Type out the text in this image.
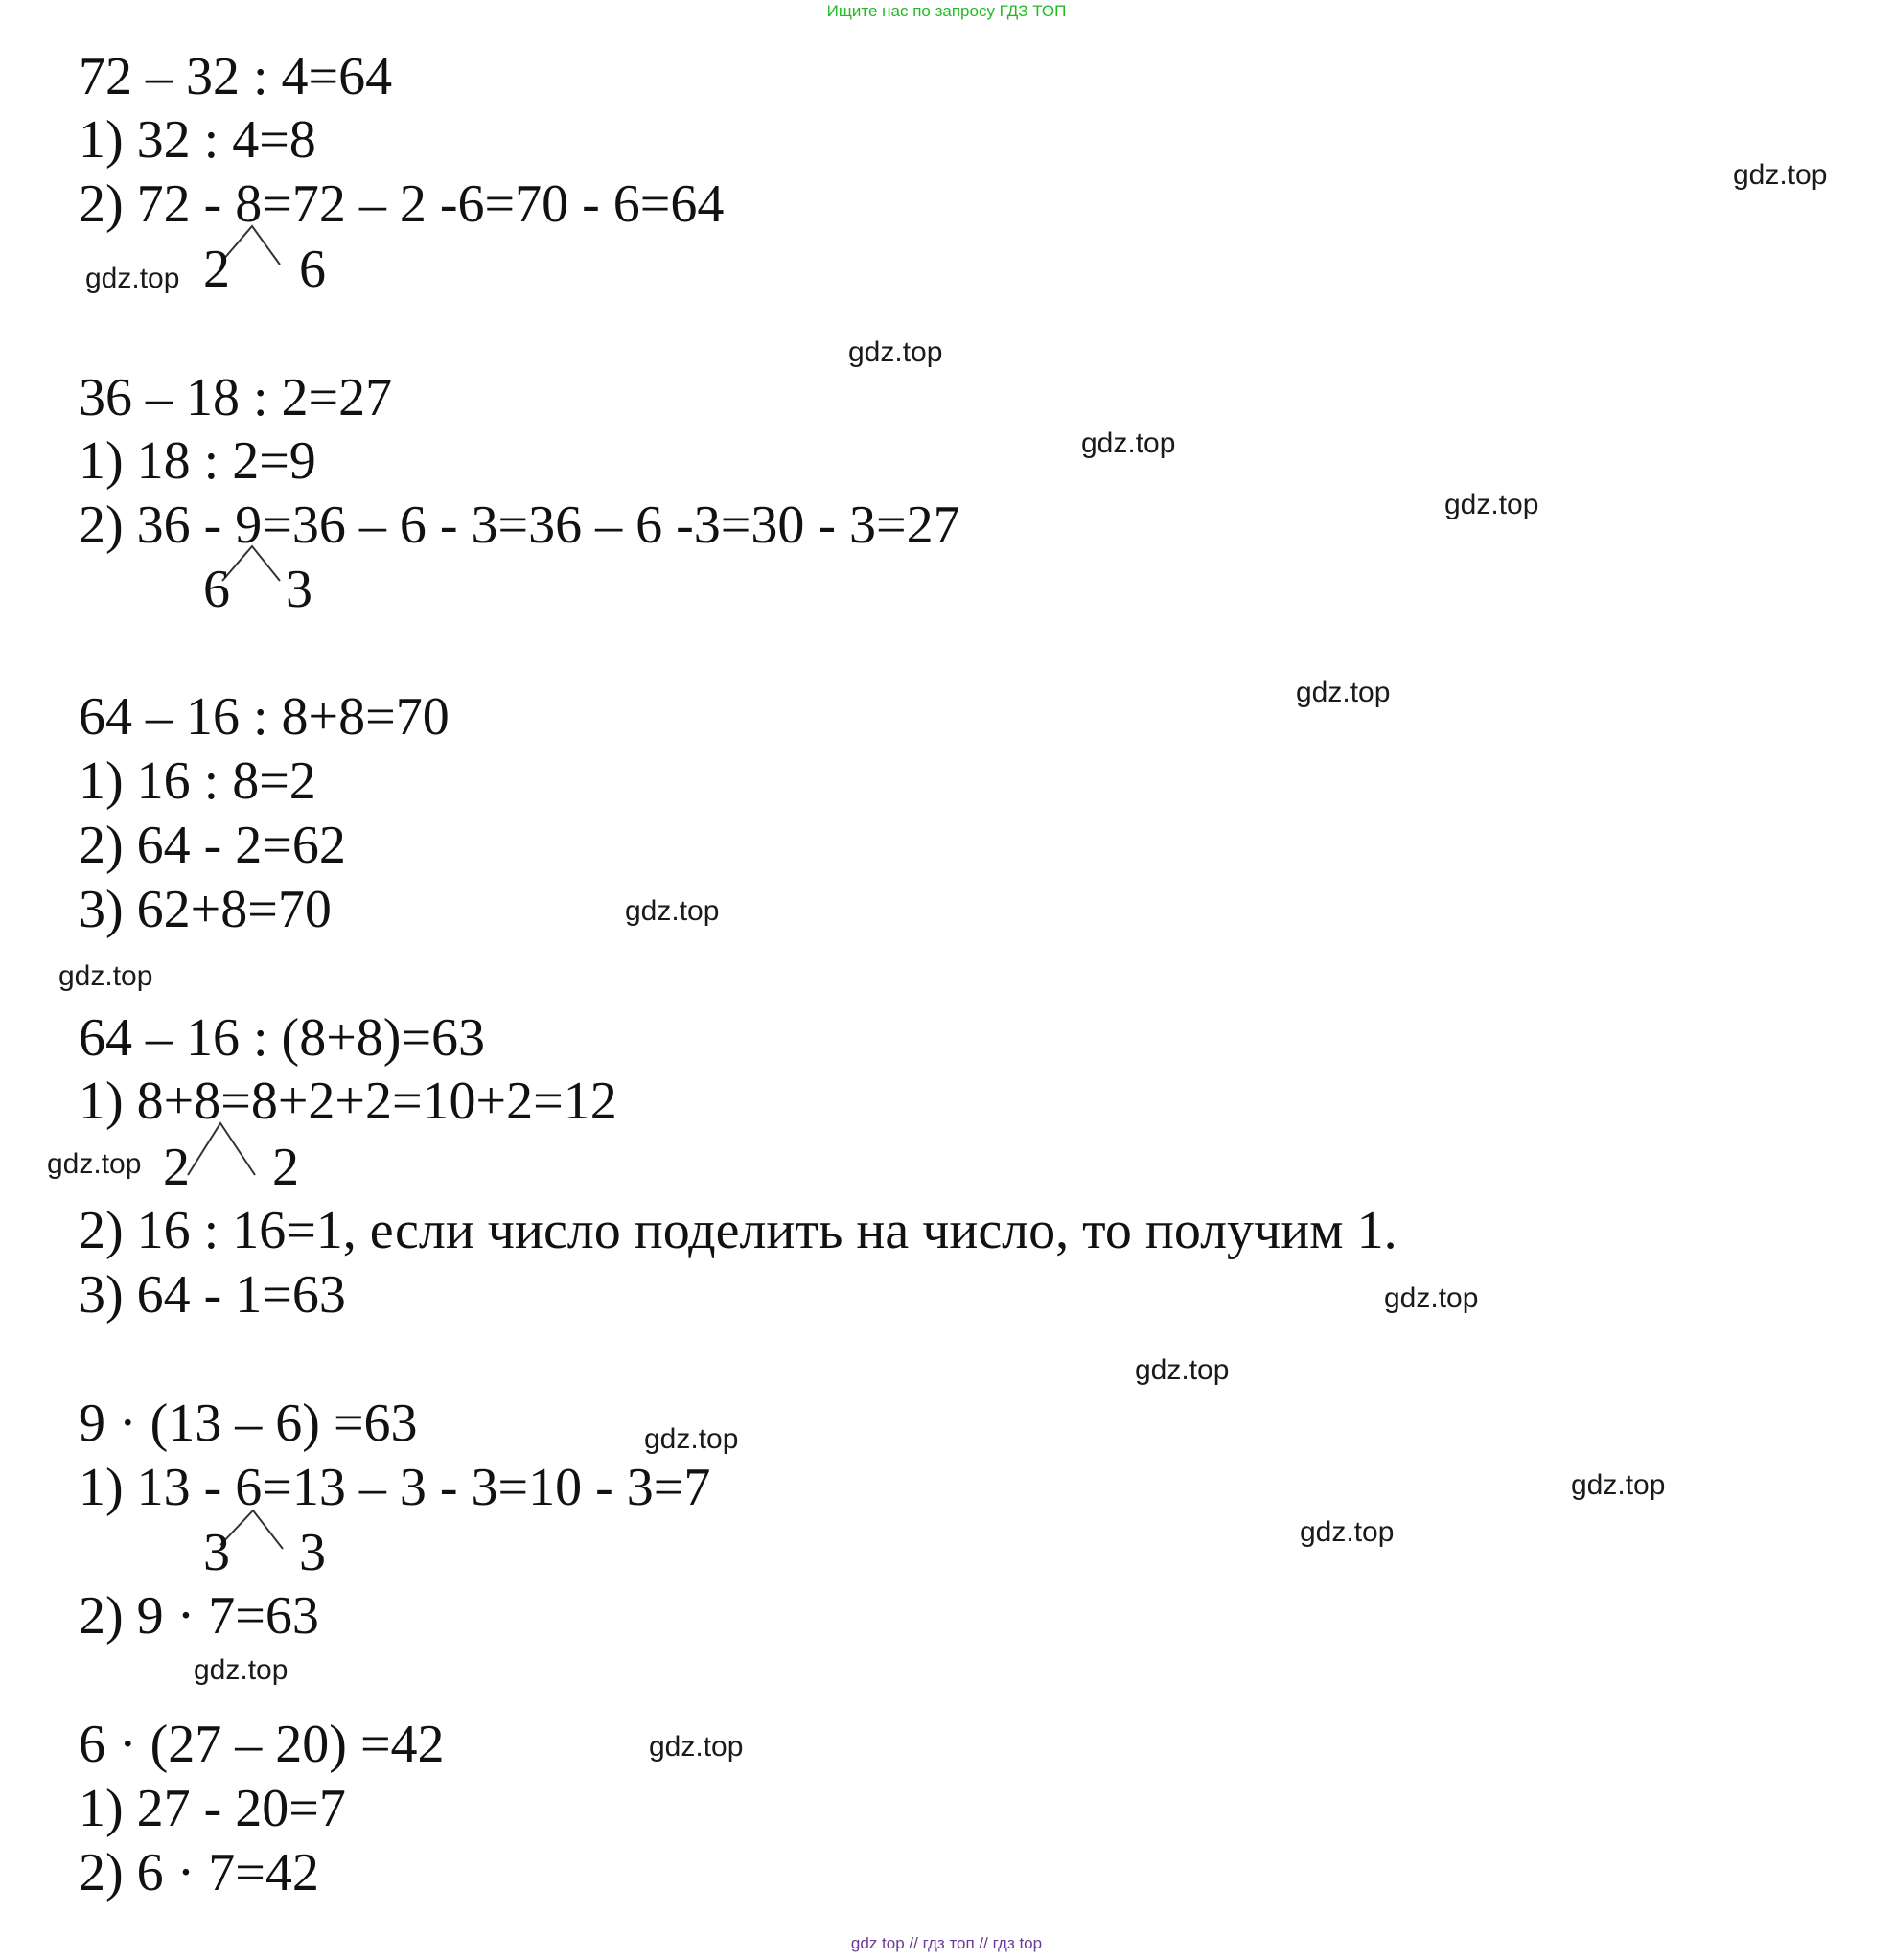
Ищите нас по запросу ГДЗ ТОП
72 – 32 : 4=64
1) 32 : 4=8
2) 72 - 8=72 – 2 -6=70 - 6=64
2 6
36 – 18 : 2=27
1) 18 : 2=9
2) 36 - 9=36 – 6 - 3=36 – 6 -3=30 - 3=27
6 3
64 – 16 : 8+8=70
1) 16 : 8=2
2) 64 - 2=62
3) 62+8=70
64 – 16 : (8+8)=63
1) 8+8=8+2+2=10+2=12
2 2
2) 16 : 16=1, если число поделить на число, то получим 1.
3) 64 - 1=63
9 · (13 – 6) =63
1) 13 - 6=13 – 3 - 3=10 - 3=7
3 3
2) 9 · 7=63
6 · (27 – 20) =42
1) 27 - 20=7
2) 6 · 7=42
gdz.top
gdz.top
gdz.top
gdz.top
gdz.top
gdz.top
gdz.top
gdz.top
gdz.top
gdz.top
gdz.top
gdz.top
gdz.top
gdz.top
gdz.top
gdz.top
gdz top // гдз топ // гдз top
